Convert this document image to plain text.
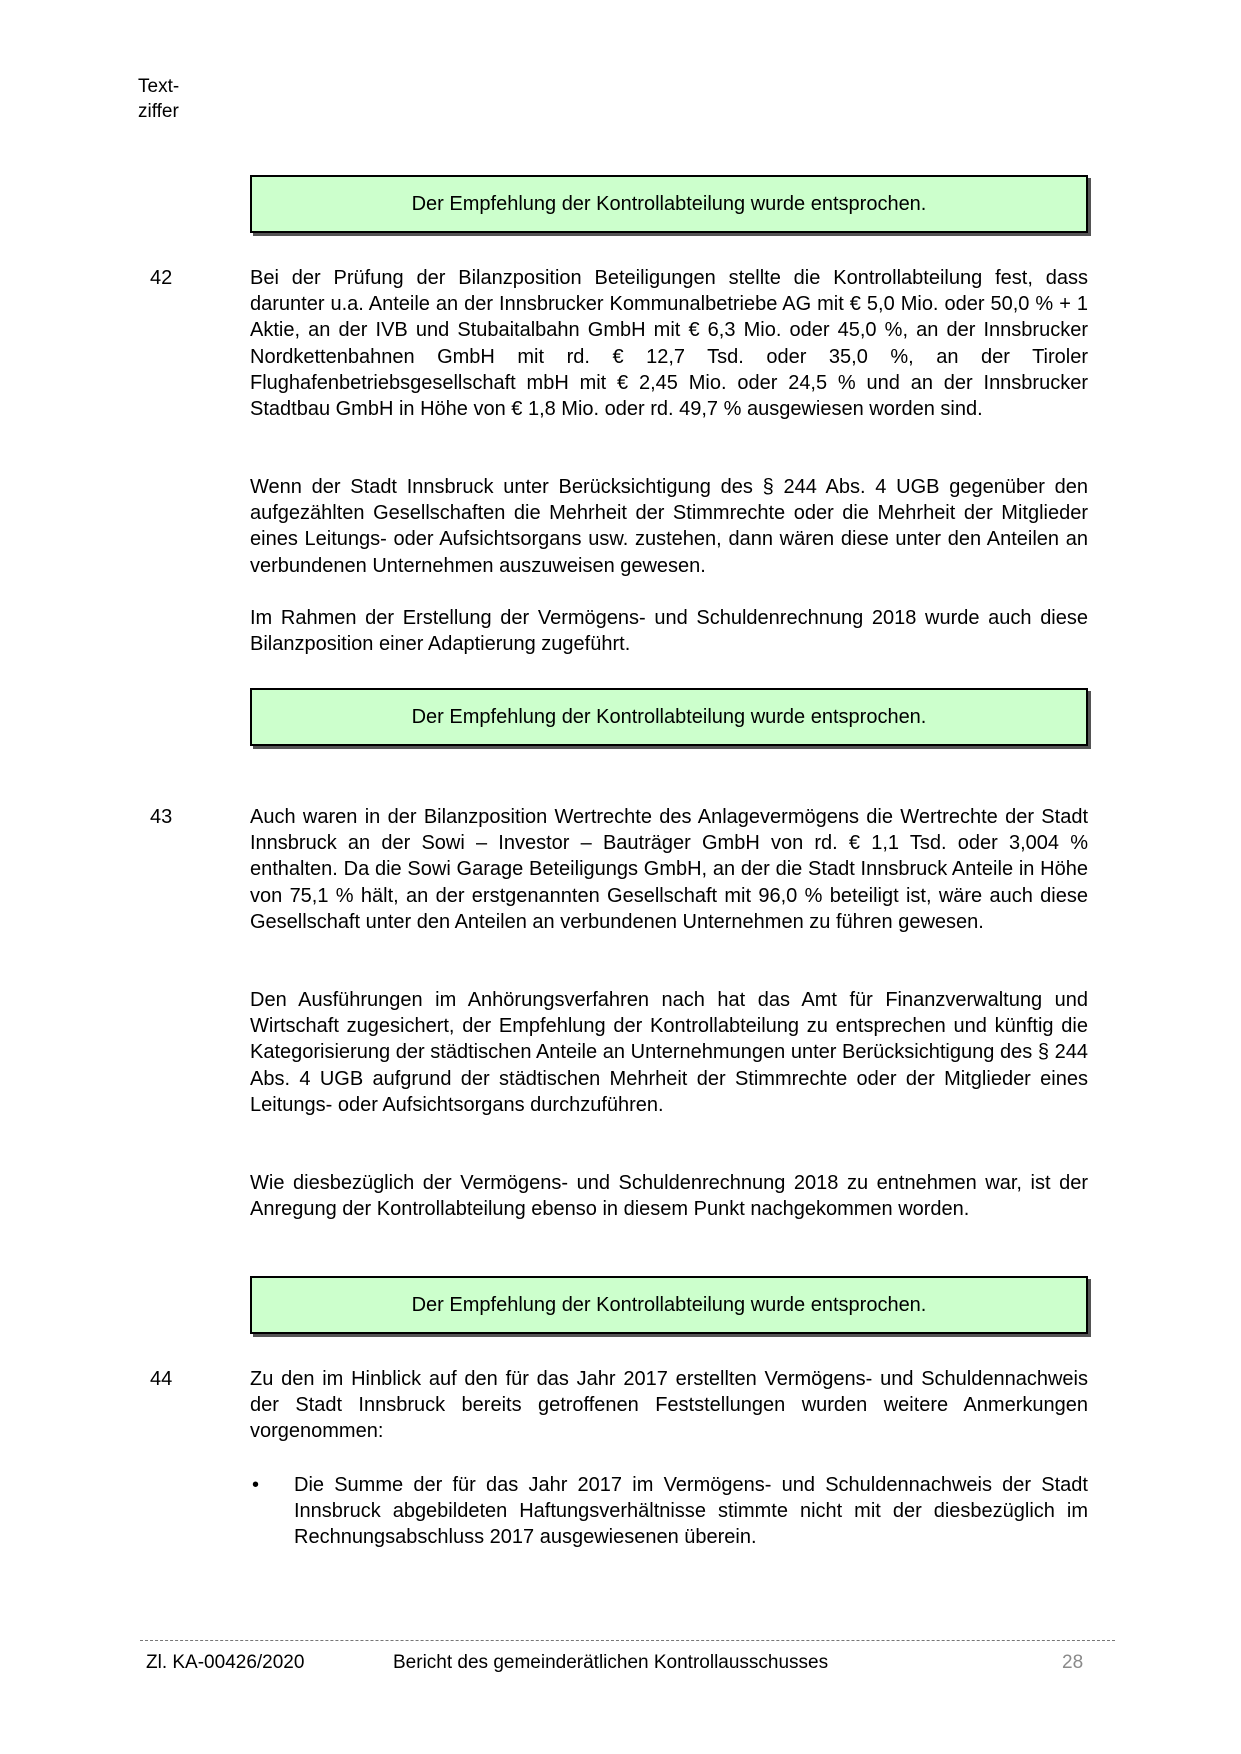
Text-
ziffer
Der Empfehlung der Kontrollabteilung wurde entsprochen.
42	Bei der Prüfung der Bilanzposition Beteiligungen stellte die Kontrollabteilung fest, dass darunter u.a. Anteile an der Innsbrucker Kommunalbetriebe AG mit € 5,0 Mio. oder 50,0 % + 1 Aktie, an der IVB und Stubaitalbahn GmbH mit € 6,3 Mio. oder 45,0 %, an der Innsbrucker Nordkettenbahnen GmbH mit rd. € 12,7 Tsd. oder 35,0 %, an der Tiroler Flughafenbetriebsgesellschaft mbH mit € 2,45 Mio. oder 24,5 % und an der Innsbrucker Stadtbau GmbH in Höhe von € 1,8 Mio. oder rd. 49,7 % ausgewiesen worden sind.

Wenn der Stadt Innsbruck unter Berücksichtigung des § 244 Abs. 4 UGB gegenüber den aufgezählten Gesellschaften die Mehrheit der Stimmrechte oder die Mehrheit der Mitglieder eines Leitungs- oder Aufsichtsorgans usw. zustehen, dann wären diese unter den Anteilen an verbundenen Unternehmen auszuweisen gewesen.

Im Rahmen der Erstellung der Vermögens- und Schuldenrechnung 2018 wurde auch diese Bilanzposition einer Adaptierung zugeführt.

Der Empfehlung der Kontrollabteilung wurde entsprochen.
43	Auch waren in der Bilanzposition Wertrechte des Anlagevermögens die Wertrechte der Stadt Innsbruck an der Sowi – Investor – Bauträger GmbH von rd. € 1,1 Tsd. oder 3,004 % enthalten. Da die Sowi Garage Beteiligungs GmbH, an der die Stadt Innsbruck Anteile in Höhe von 75,1 % hält, an der erstgenannten Gesellschaft mit 96,0 % beteiligt ist, wäre auch diese Gesellschaft unter den Anteilen an verbundenen Unternehmen zu führen gewesen.

Den Ausführungen im Anhörungsverfahren nach hat das Amt für Finanzverwaltung und Wirtschaft zugesichert, der Empfehlung der Kontrollabteilung zu entsprechen und künftig die Kategorisierung der städtischen Anteile an Unternehmungen unter Berücksichtigung des § 244 Abs. 4 UGB aufgrund der städtischen Mehrheit der Stimmrechte oder der Mitglieder eines Leitungs- oder Aufsichtsorgans durchzuführen.

Wie diesbezüglich der Vermögens- und Schuldenrechnung 2018 zu entnehmen war, ist der Anregung der Kontrollabteilung ebenso in diesem Punkt nachgekommen worden.

Der Empfehlung der Kontrollabteilung wurde entsprochen.
44	Zu den im Hinblick auf den für das Jahr 2017 erstellten Vermögens- und Schuldennachweis der Stadt Innsbruck bereits getroffenen Feststellungen wurden weitere Anmerkungen vorgenommen:

• Die Summe der für das Jahr 2017 im Vermögens- und Schuldennachweis der Stadt Innsbruck abgebildeten Haftungsverhältnisse stimmte nicht mit der diesbezüglich im Rechnungsabschluss 2017 ausgewiesenen überein.

Zl. KA-00426/2020	Bericht des gemeinderätlichen Kontrollausschusses	28
